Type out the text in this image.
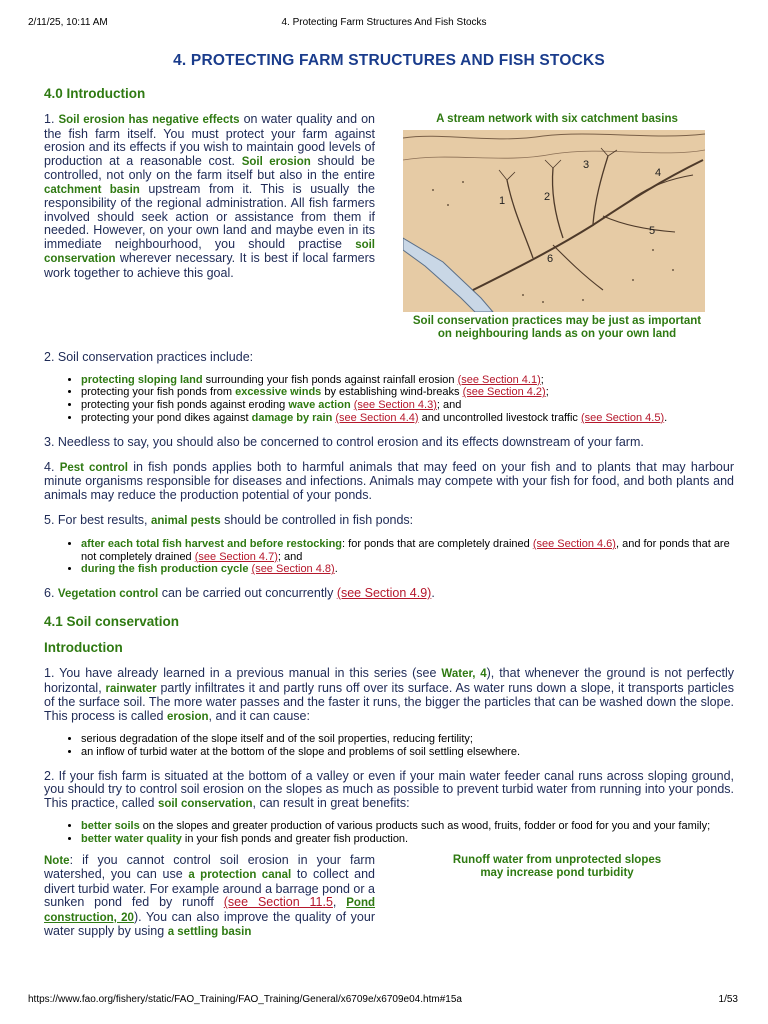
2/11/25, 10:11 AM	4. Protecting Farm Structures And Fish Stocks
4. PROTECTING FARM STRUCTURES AND FISH STOCKS
4.0 Introduction

1. Soil erosion has negative effects on water quality and on the fish farm itself. You must protect your farm against erosion and its effects if you wish to maintain good levels of production at a reasonable cost. Soil erosion should be controlled, not only on the farm itself but also in the entire catchment basin upstream from it. This is usually the responsibility of the regional administration. All fish farmers involved should seek action or assistance from them if needed. However, on your own land and maybe even in its immediate neighbourhood, you should practise soil conservation wherever necessary. It is best if local farmers work together to achieve this goal.

A stream network with six catchment basins
1	2
3
4
5
6
Soil conservation practices may be just as important
on neighbouring lands as on your own land

2. Soil conservation practices include:

• protecting sloping land surrounding your fish ponds against rainfall erosion (see Section 4.1);
• protecting your fish ponds from excessive winds by establishing wind-breaks (see Section 4.2);
• protecting your fish ponds against eroding wave action (see Section 4.3); and
• protecting your pond dikes against damage by rain (see Section 4.4) and uncontrolled livestock traffic (see Section 4.5).

3. Needless to say, you should also be concerned to control erosion and its effects downstream of your farm.

4. Pest control in fish ponds applies both to harmful animals that may feed on your fish and to plants that may harbour minute organisms responsible for diseases and infections. Animals may compete with your fish for food, and both plants and animals may reduce the production potential of your ponds.

5. For best results, animal pests should be controlled in fish ponds:

• after each total fish harvest and before restocking: for ponds that are completely drained (see Section 4.6), and for ponds that are not completely drained (see Section 4.7); and
• during the fish production cycle (see Section 4.8).

6. Vegetation control can be carried out concurrently (see Section 4.9).

4.1 Soil conservation
Introduction

1. You have already learned in a previous manual in this series (see Water, 4), that whenever the ground is not perfectly horizontal, rainwater partly infiltrates it and partly runs off over its surface. As water runs down a slope, it transports particles of the surface soil. The more water passes and the faster it runs, the bigger the particles that can be washed down the slope. This process is called erosion, and it can cause:

• serious degradation of the slope itself and of the soil properties, reducing fertility;
• an inflow of turbid water at the bottom of the slope and problems of soil settling elsewhere.

2. If your fish farm is situated at the bottom of a valley or even if your main water feeder canal runs across sloping ground, you should try to control soil erosion on the slopes as much as possible to prevent turbid water from running into your ponds. This practice, called soil conservation, can result in great benefits:

• better soils on the slopes and greater production of various products such as wood, fruits, fodder or food for you and your family;
• better water quality in your fish ponds and greater fish production.

Note: if you cannot control soil erosion in your farm watershed, you can use a protection canal to collect and divert turbid water. For example around a barrage pond or a sunken pond fed by runoff (see Section 11.5, Pond construction, 20). You can also improve the quality of your water supply by using a settling basin

Runoff water from unprotected slopes
may increase pond turbidity
https://www.fao.org/fishery/static/FAO_Training/FAO_Training/General/x6709e/x6709e04.htm#15a	1/53
